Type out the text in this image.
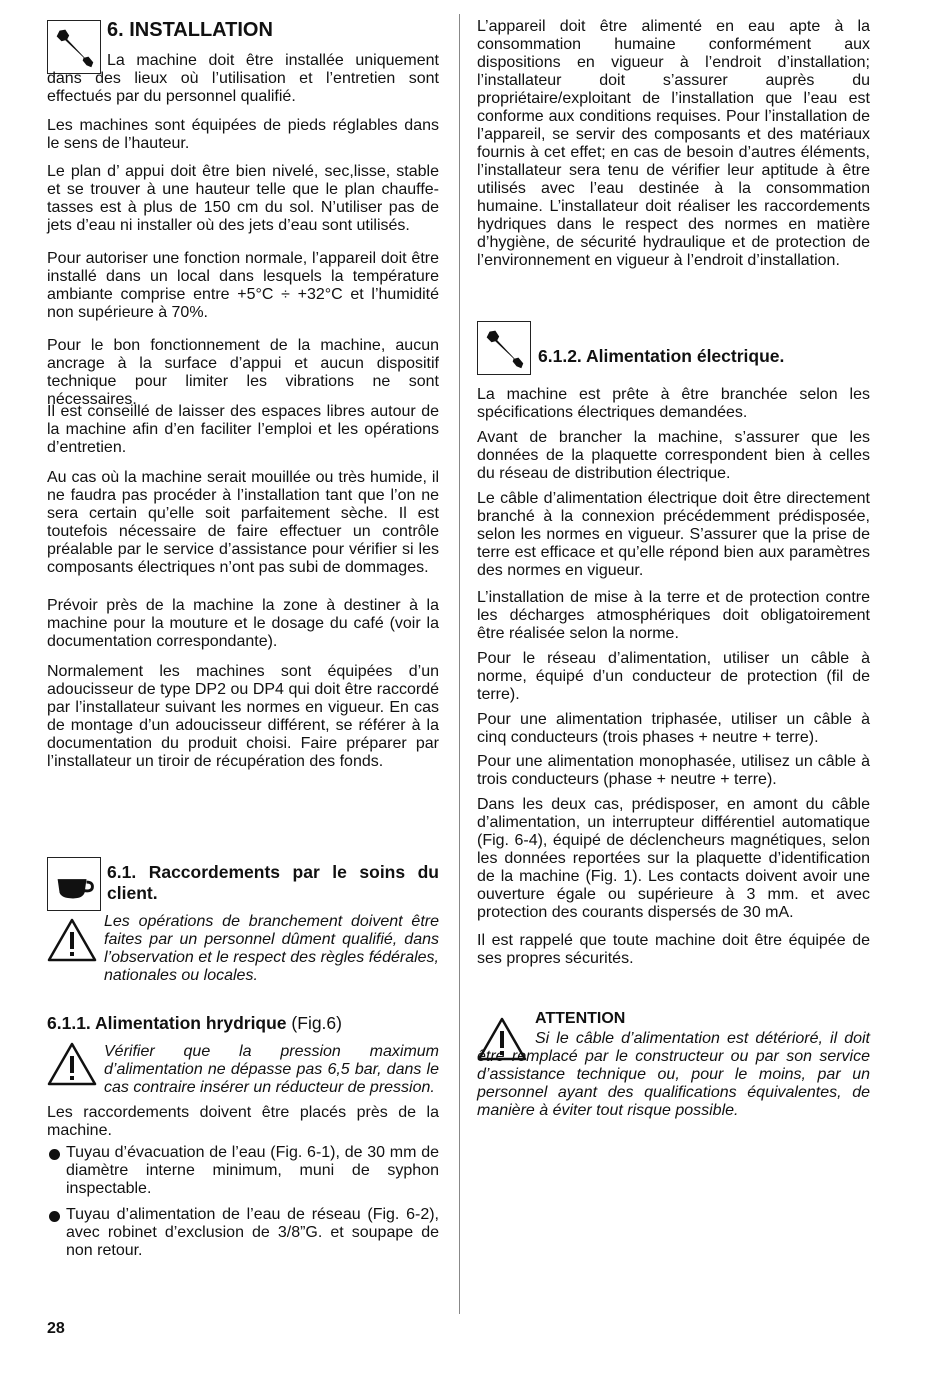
6. INSTALLATION

La machine doit être installée uniquement dans des lieux où l’utilisation et l’entretien sont effectués par du personnel qualifié.

Les machines sont équipées de pieds réglables dans le sens de l’hauteur.

Le plan d’ appui doit être bien nivelé, sec,lisse, stable et se trouver à une hauteur telle que le plan chauffe-tasses est à plus de 150 cm du sol. N’utiliser pas de jets d’eau ni installer où des jets d’eau sont utilisés.

Pour autoriser une fonction normale, l’appareil doit être installé dans un local dans lesquels la température ambiante comprise entre +5°C ÷ +32°C et l’humidité non supérieure à 70%.

Pour le bon fonctionnement de la machine, aucun ancrage à la surface d’appui et aucun dispositif technique pour limiter les vibrations ne sont nécessaires.

Il est conseillé de laisser des espaces libres autour de la machine afin d’en faciliter l’emploi et les opérations d’entretien.

Au cas où la machine serait mouillée ou très humide, il ne faudra pas procéder à l’installation tant que l’on ne sera certain qu’elle soit parfaitement sèche. Il est toutefois nécessaire de faire effectuer un contrôle préalable par le service d’assistance pour vérifier si les composants électriques n’ont pas subi de dommages.

Prévoir près de la machine la zone à destiner à la machine pour la mouture et le dosage du café (voir la documentation correspondante).

Normalement les machines sont équipées d’un adoucisseur de type DP2 ou DP4 qui doit être raccordé par l’installateur suivant les normes en vigueur. En cas de montage d’un adoucisseur différent, se référer à la documentation du produit choisi. Faire préparer par l’installateur un tiroir de récupération des fonds.

6.1. Raccordements par le soins du client.

Les opérations de branchement doivent être faites par un personnel dûment qualifié, dans l’observation et le respect des règles fédérales, nationales ou locales.

6.1.1. Alimentation hrydrique (Fig.6)

Vérifier que la pression maximum d’alimentation ne dépasse pas 6,5 bar, dans le cas contraire insérer un réducteur de pression.

Les raccordements doivent être placés près de la machine.

Tuyau d’évacuation de l’eau (Fig. 6-1), de 30 mm de diamètre interne minimum, muni de syphon inspectable.

Tuyau d’alimentation de l’eau de réseau (Fig. 6-2), avec robinet d’exclusion de 3/8”G. et soupape de non retour.

L’appareil doit être alimenté en eau apte à la consommation humaine conformément aux dispositions en vigueur à l’endroit d’installation; l’installateur doit s’assurer auprès du propriétaire/exploitant de l’installation que l’eau est conforme aux conditions requises. Pour l’installation de l’appareil, se servir des composants et des matériaux fournis à cet effet; en cas de besoin d’autres éléments, l’installateur sera tenu de vérifier leur aptitude à être utilisés avec l’eau destinée à la consommation humaine. L’installateur doit réaliser les raccordements hydriques dans le respect des normes en matière d’hygiène, de sécurité hydraulique et de protection de l’environnement en vigueur à l’endroit d’installation.

6.1.2. Alimentation électrique.

La machine est prête à être branchée selon les spécifications électriques demandées.

Avant de brancher la machine, s’assurer que les données de la plaquette correspondent bien à celles du réseau de distribution électrique.

Le câble d’alimentation électrique doit être directement branché à la connexion précédemment prédisposée, selon les normes en vigueur. S’assurer que la prise de terre est efficace et qu’elle répond bien aux paramètres des normes en vigueur.

L’installation de mise à la terre et de protection contre les décharges atmosphériques doit obligatoirement être réalisée selon la norme.

Pour le réseau d’alimentation, utiliser un câble à norme, équipé d’un conducteur de protection (fil de terre).

Pour une alimentation triphasée, utiliser un câble à cinq conducteurs (trois phases + neutre + terre).

Pour une alimentation monophasée, utilisez un câble à trois conducteurs (phase + neutre + terre).

Dans les deux cas, prédisposer, en amont du câble d’alimentation, un interrupteur différentiel automatique (Fig. 6-4), équipé de déclencheurs magnétiques, selon les données reportées sur la plaquette d’identification de la machine (Fig. 1). Les contacts doivent avoir une ouverture égale ou supérieure à 3 mm. et avec protection des courants dispersés de 30 mA.

Il est rappelé que toute machine doit être équipée de ses propres sécurités.

ATTENTION

Si le câble d’alimentation est détérioré, il doit être remplacé par le constructeur ou par son service d’assistance technique ou, pour le moins, par un personnel ayant des qualifications équivalentes, de manière à éviter tout risque possible.

28
